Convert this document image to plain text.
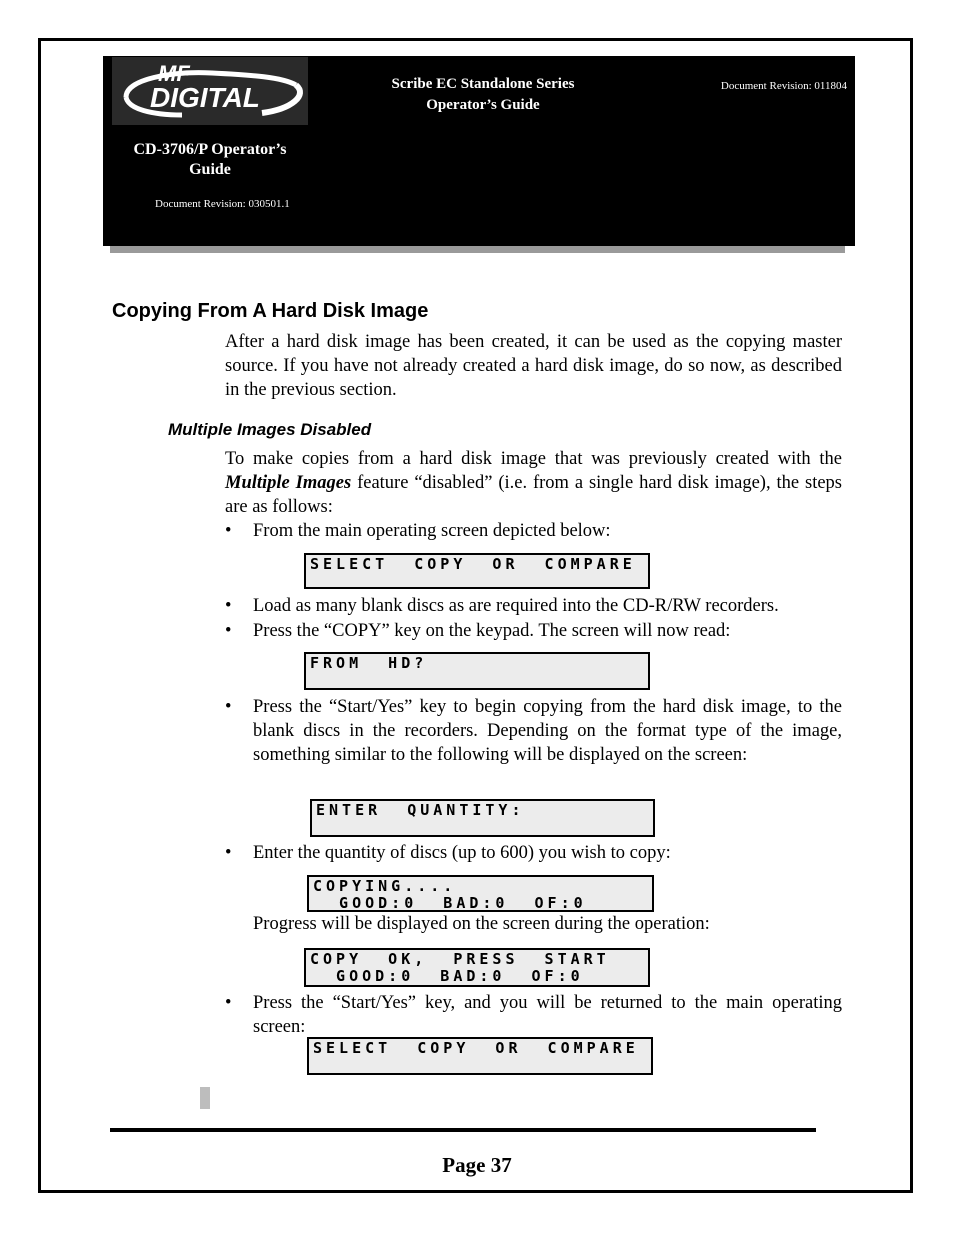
MF
DIGITAL
CD-3706/P Operator’s Guide
Document Revision: 030501.1
Scribe EC Standalone Series
Operator’s Guide
Document Revision: 011804
Copying From A Hard Disk Image
After a hard disk image has been created, it can be used as the copying master source. If you have not already created a hard disk image, do so now, as described in the previous section.
Multiple Images Disabled
To make copies from a hard disk image that was previously created with the Multiple Images feature “disabled” (i.e. from a single hard disk image), the steps are as follows:
•	From the main operating screen depicted below:
SELECT  COPY  OR  COMPARE
•	Load as many blank discs as are required into the CD-R/RW recorders.
•	Press the “COPY” key on the keypad. The screen will now read:
FROM  HD?
•	Press the “Start/Yes” key to begin copying from the hard disk image, to the blank discs in the recorders. Depending on the format type of the image, something similar to the following will be displayed on the screen:
ENTER  QUANTITY:
•	Enter the quantity of discs (up to 600) you wish to copy:
COPYING....
GOOD:0  BAD:0  OF:0
Progress will be displayed on the screen during the operation:
COPY  OK,  PRESS  START
GOOD:0  BAD:0  OF:0
•	Press the “Start/Yes” key, and you will be returned to the main operating screen:
SELECT  COPY  OR  COMPARE
Page 37
